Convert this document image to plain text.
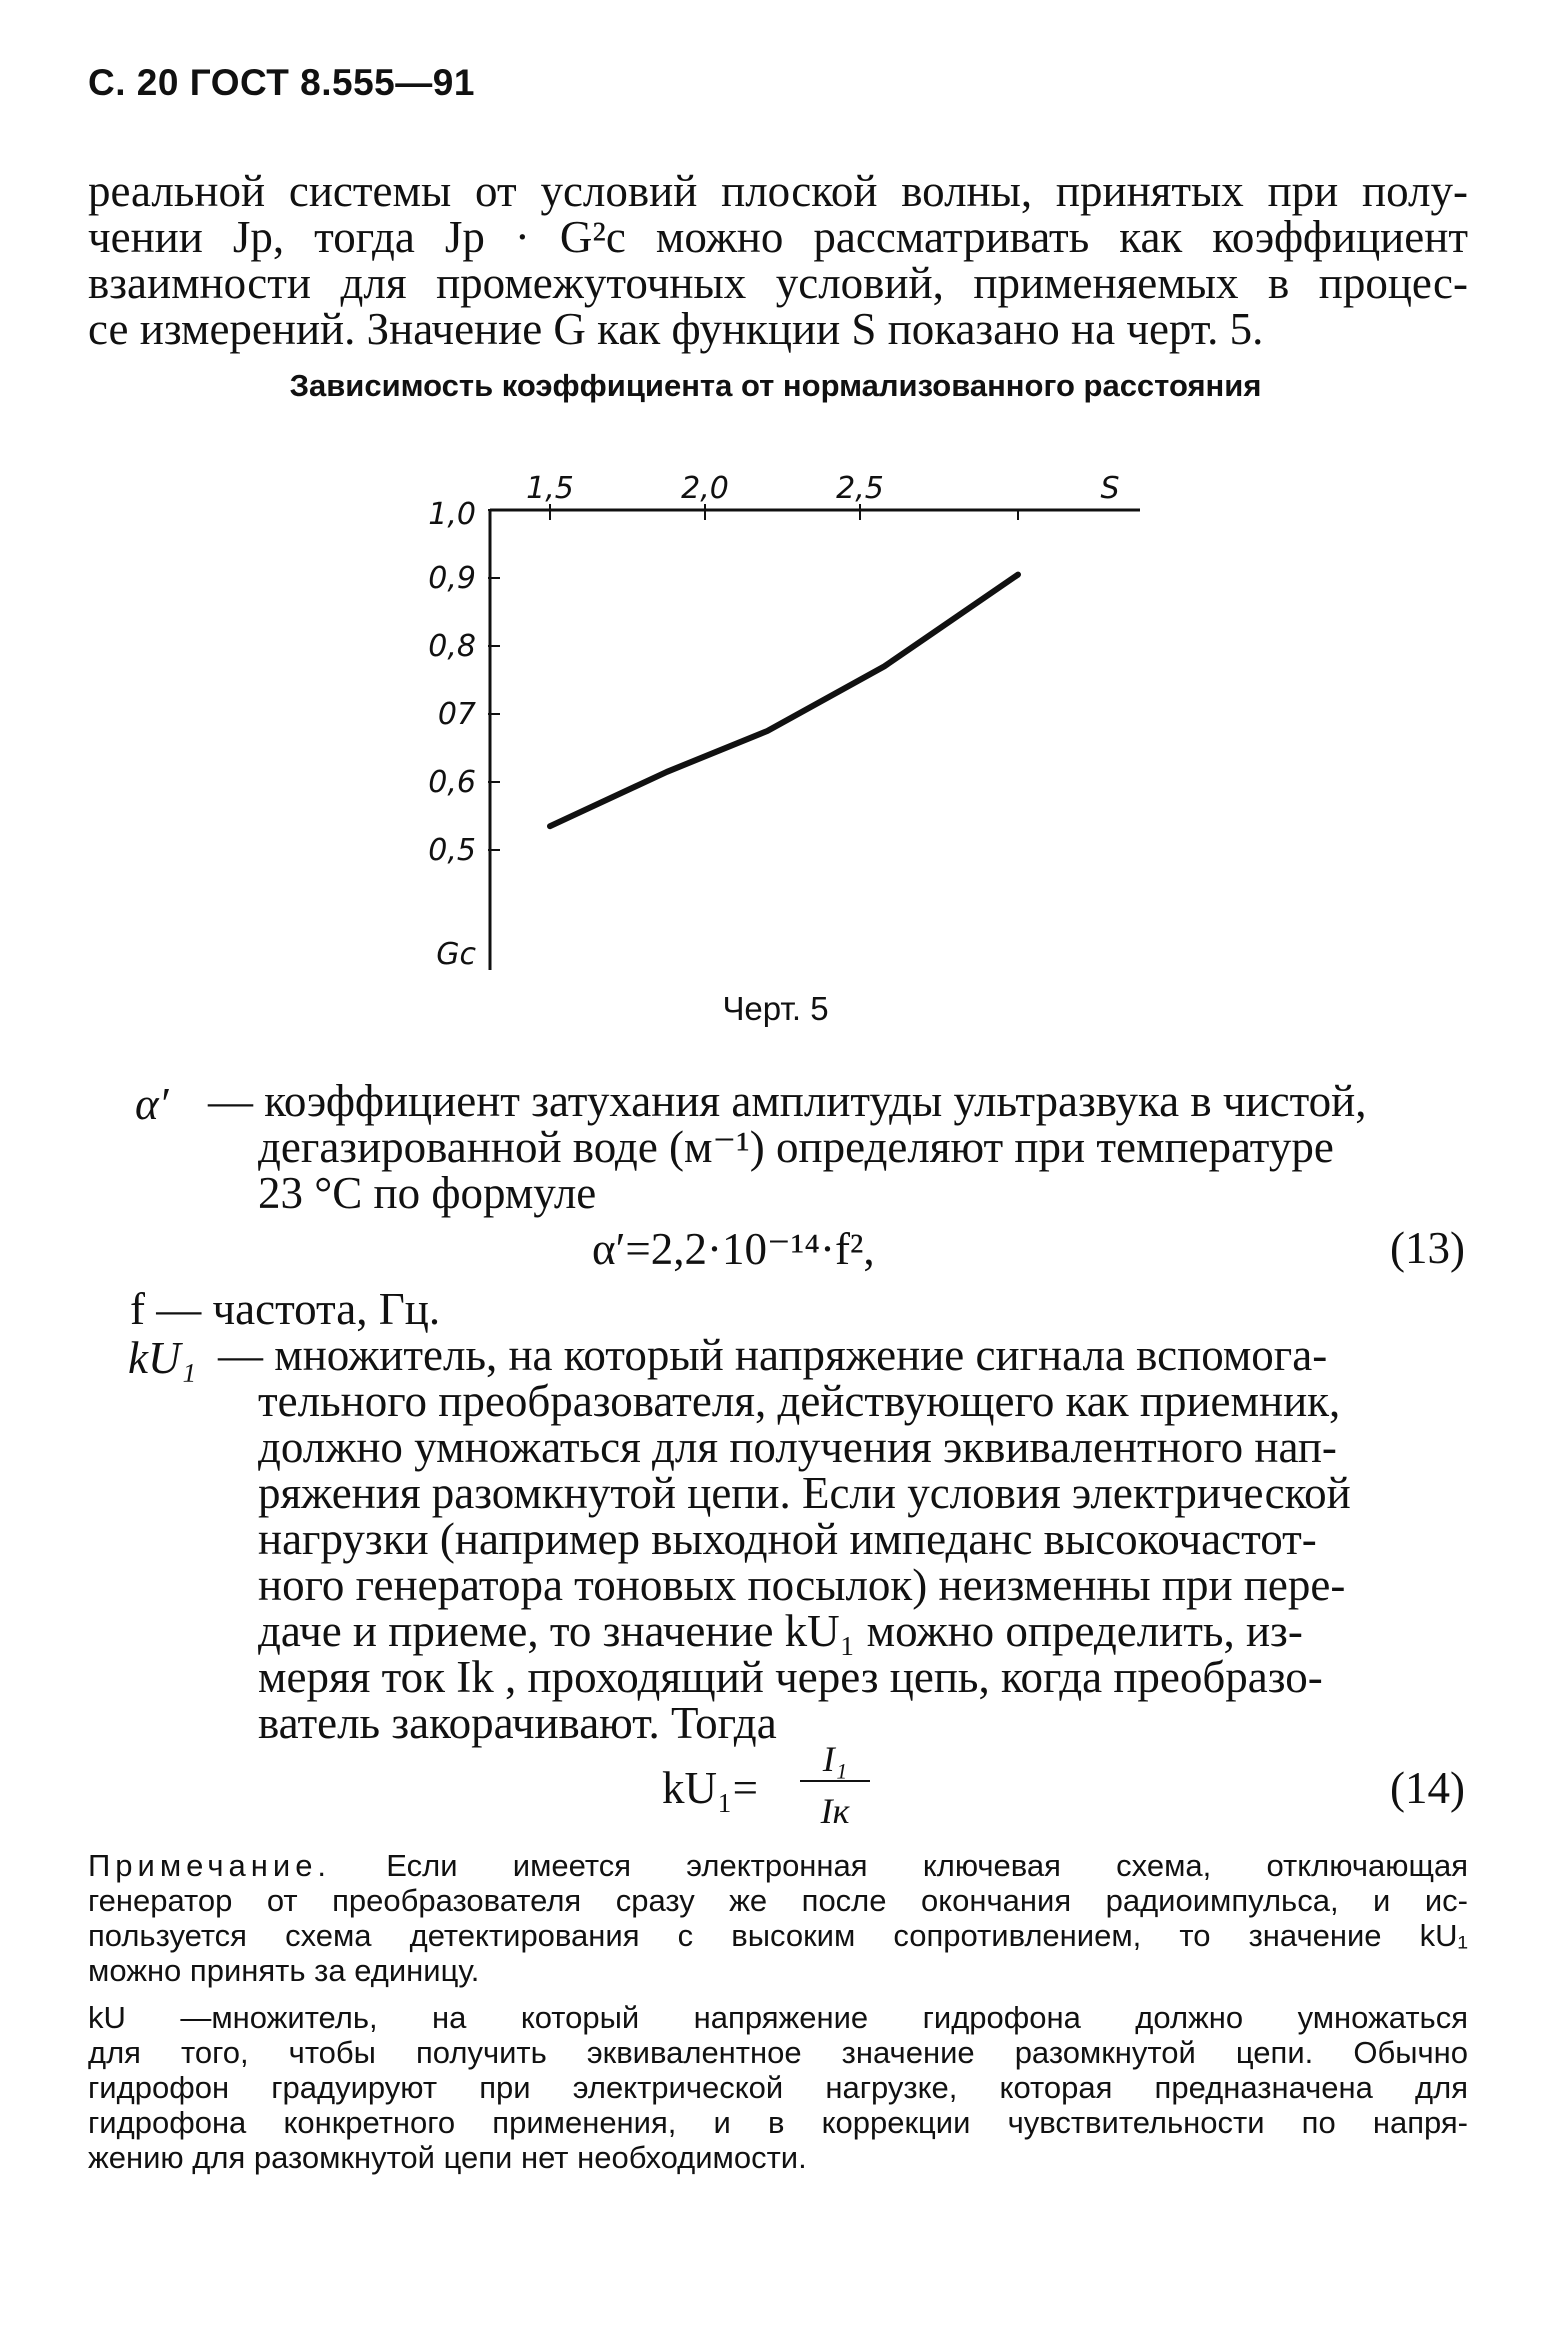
С. 20 ГОСТ 8.555—91
реальной системы от условий плоской волны, принятых при полу-
чении Jр, тогда Jр · G²с можно рассматривать как коэффициент
взаимности для промежуточных условий, применяемых в процес-
се измерений. Значение G как функции S показано на черт. 5.
Зависимость коэффициента от нормализованного расстояния
1,5	2,0	2,5	S
1,0
0,9
0,8
07
0,6
0,5
Gc
Черт. 5
α′ — коэффициент затухания амплитуды ультразвука в чистой,
дегазированной воде (м⁻¹) определяют при температуре
23 °С по формуле
α′=2,2·10⁻¹⁴·f²,	(13)
f — частота, Гц.
kU₁ — множитель, на который напряжение сигнала вспомога-
тельного преобразователя, действующего как приемник,
должно умножаться для получения эквивалентного нап-
ряжения разомкнутой цепи. Если условия электрической
нагрузки (например выходной импеданс высокочастот-
ного генератора тоновых посылок) неизменны при пере-
даче и приеме, то значение kU₁ можно определить, из-
меряя ток Ik , проходящий через цепь, когда преобразо-
ватель закорачивают. Тогда
kU₁=
I₁
Iк	(14)
Примечание. Если имеется электронная ключевая схема, отключающая
генератор от преобразователя сразу же после окончания радиоимпульса, и ис-
пользуется схема детектирования с высоким сопротивлением, то значение kU₁
можно принять за единицу.
kU —множитель, на который напряжение гидрофона должно умножаться
для того, чтобы получить эквивалентное значение разомкнутой цепи. Обычно
гидрофон градуируют при электрической нагрузке, которая предназначена для
гидрофона конкретного применения, и в коррекции чувствительности по напря-
жению для разомкнутой цепи нет необходимости.
